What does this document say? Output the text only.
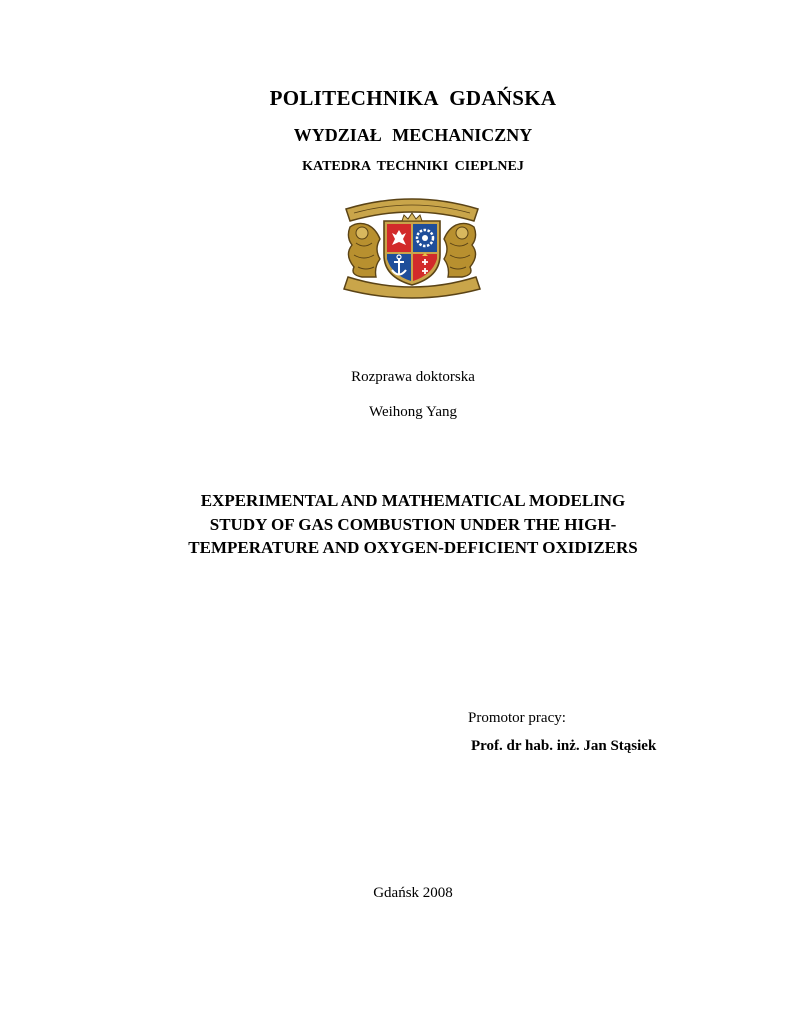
POLITECHNIKA GDAŃSKA
WYDZIAŁ MECHANICZNY
KATEDRA TECHNIKI CIEPLNEJ
Rozprawa doktorska
Weihong Yang
EXPERIMENTAL AND MATHEMATICAL MODELING
STUDY OF GAS COMBUSTION UNDER THE HIGH-
TEMPERATURE AND OXYGEN-DEFICIENT OXIDIZERS
Promotor pracy:
Prof. dr hab. inż. Jan Stąsiek
Gdańsk 2008
